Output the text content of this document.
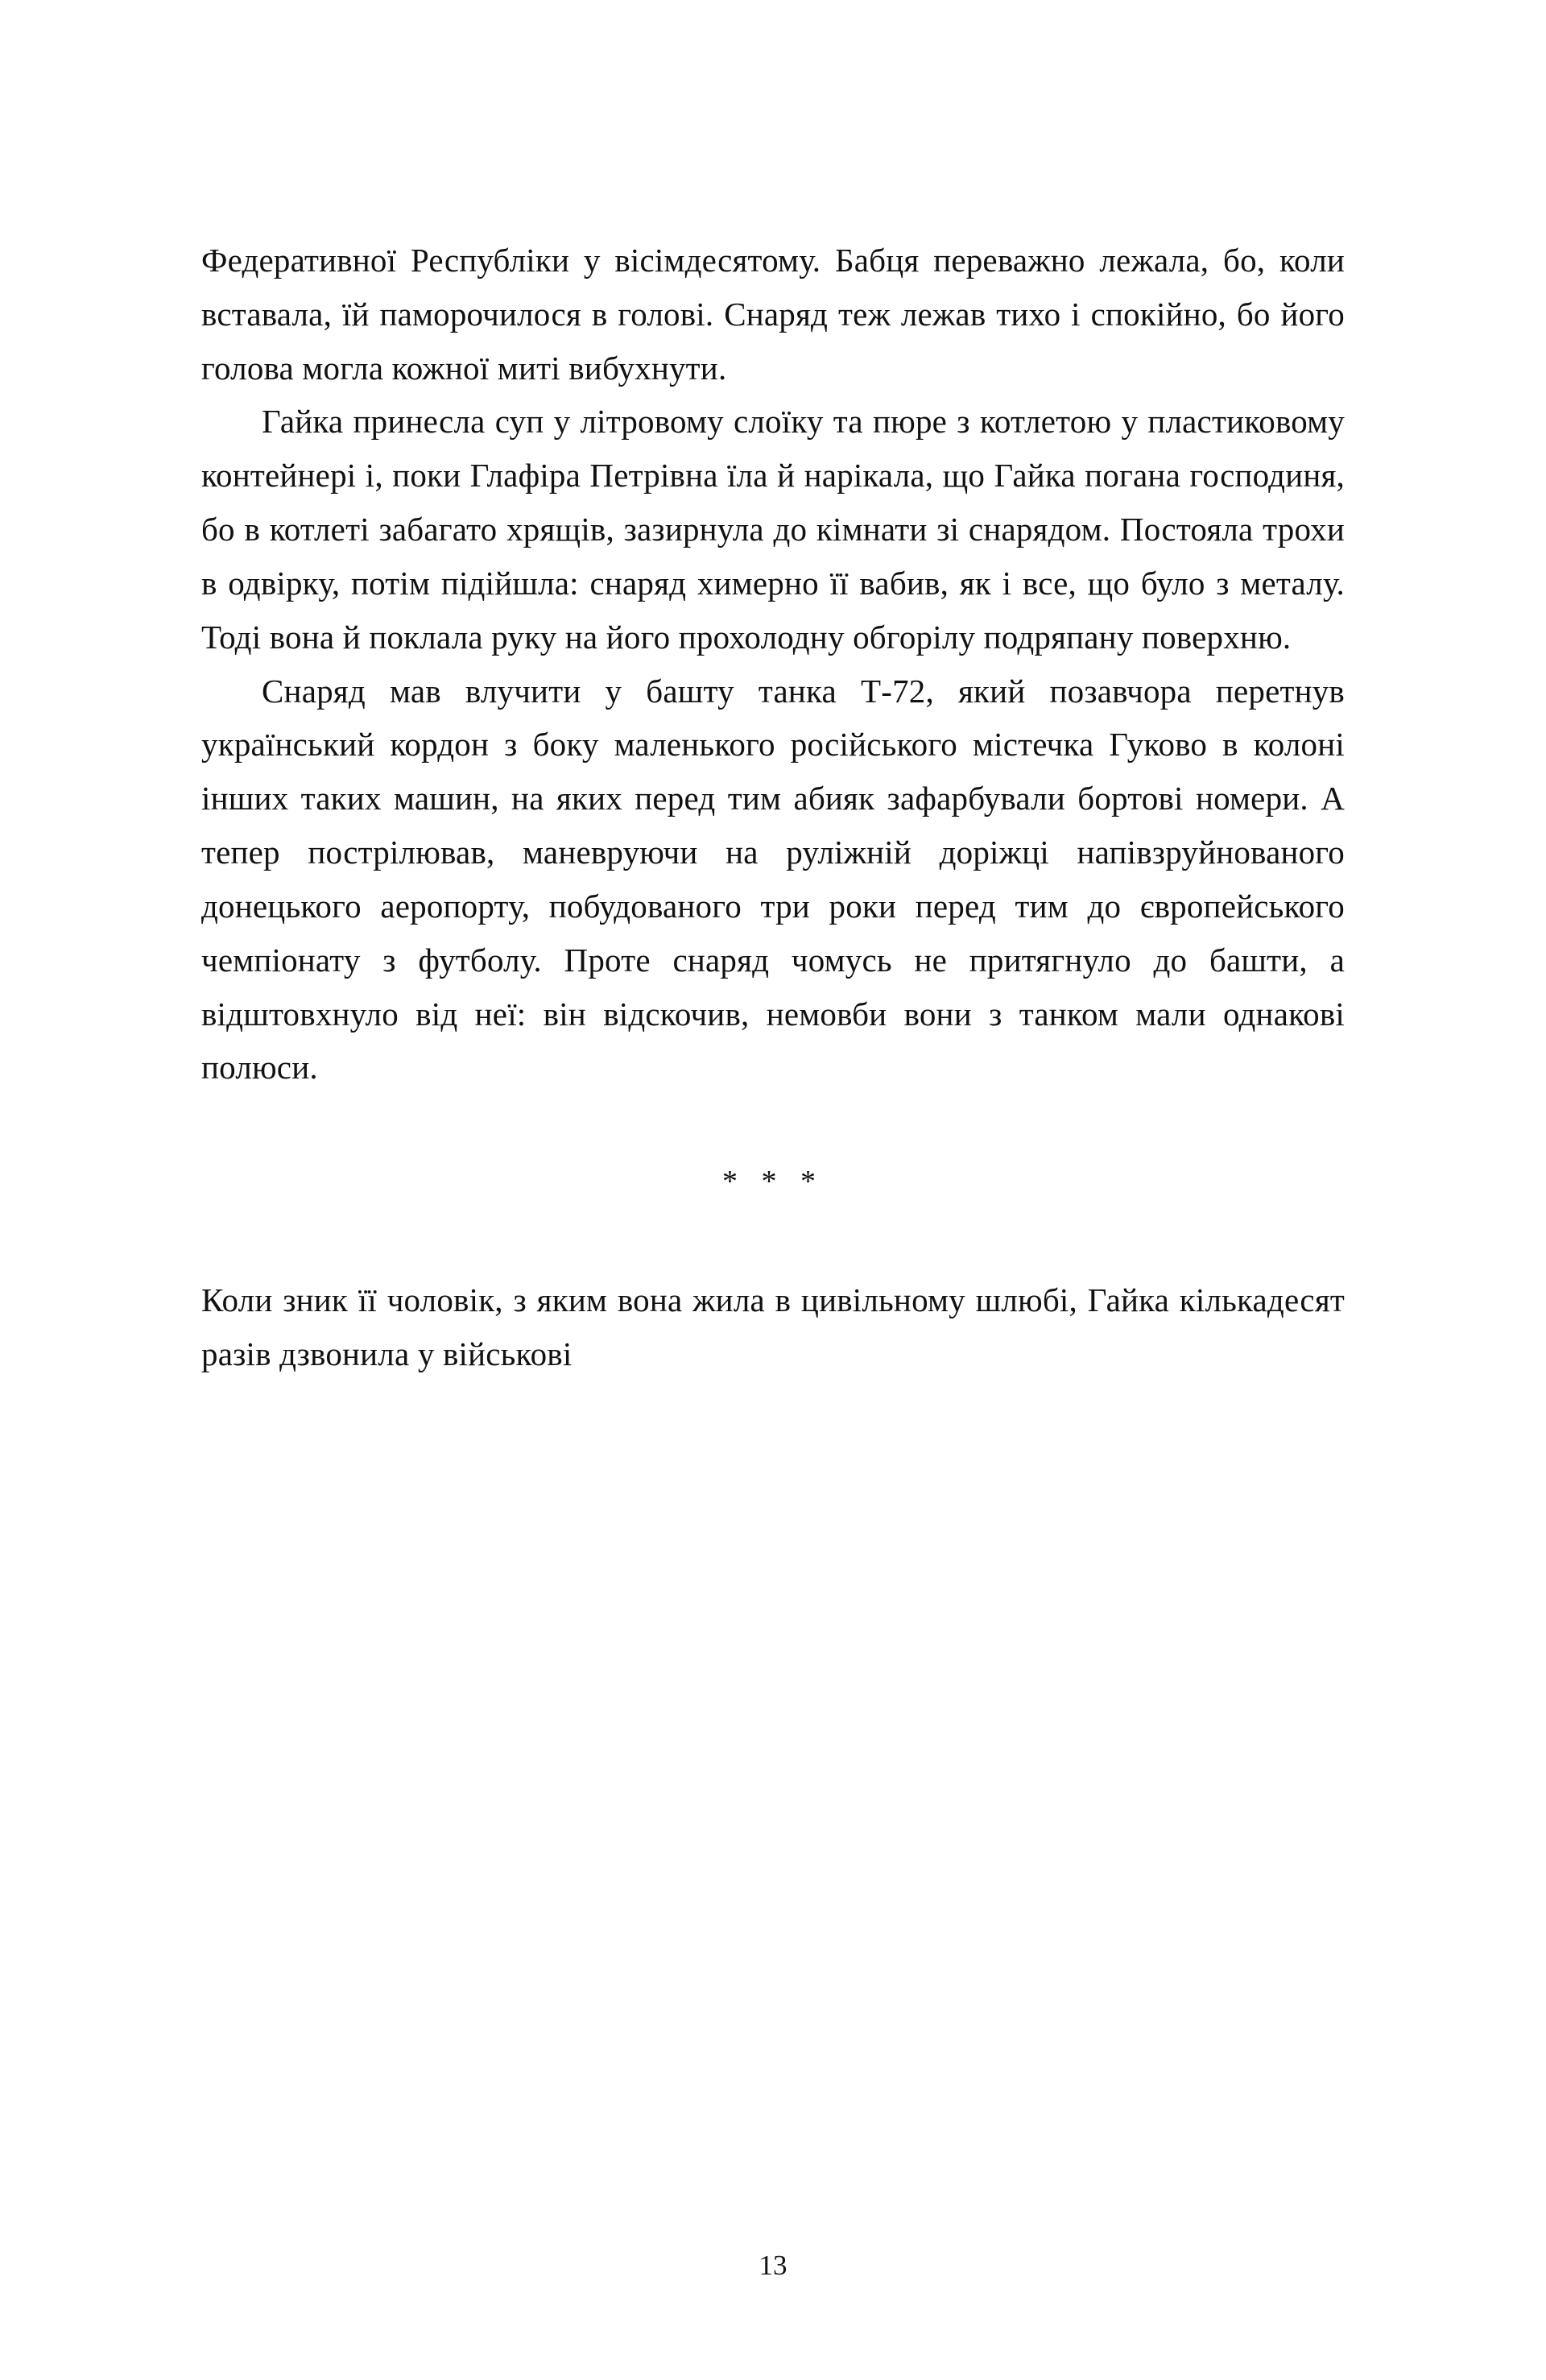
Федеративної Республіки у вісімдесятому. Бабця переважно лежала, бо, коли вставала, їй паморочилося в голові. Снаряд теж лежав тихо і спокійно, бо його голова могла кожної миті вибухнути.

Гайка принесла суп у літровому слоїку та пюре з котлетою у пластиковому контейнері і, поки Глафіра Петрівна їла й нарікала, що Гайка погана господиня, бо в котлеті забагато хрящів, зазирнула до кімнати зі снарядом. Постояла трохи в одвірку, потім підійшла: снаряд химерно її вабив, як і все, що було з металу. Тоді вона й поклала руку на його прохолодну обгорілу подряпану поверхню.

Снаряд мав влучити у башту танка Т-72, який позавчора перетнув український кордон з боку маленького російського містечка Гуково в колоні інших таких машин, на яких перед тим абияк зафарбували бортові номери. А тепер пострілював, маневруючи на руліжній доріжці напівзруйнованого донецького аеропорту, побудованого три роки перед тим до європейського чемпіонату з футболу. Проте снаряд чомусь не притягнуло до башти, а відштовхнуло від неї: він відскочив, немовби вони з танком мали однакові полюси.

* * *

Коли зник її чоловік, з яким вона жила в цивільному шлюбі, Гайка кількадесят разів дзвонила у військові

13
